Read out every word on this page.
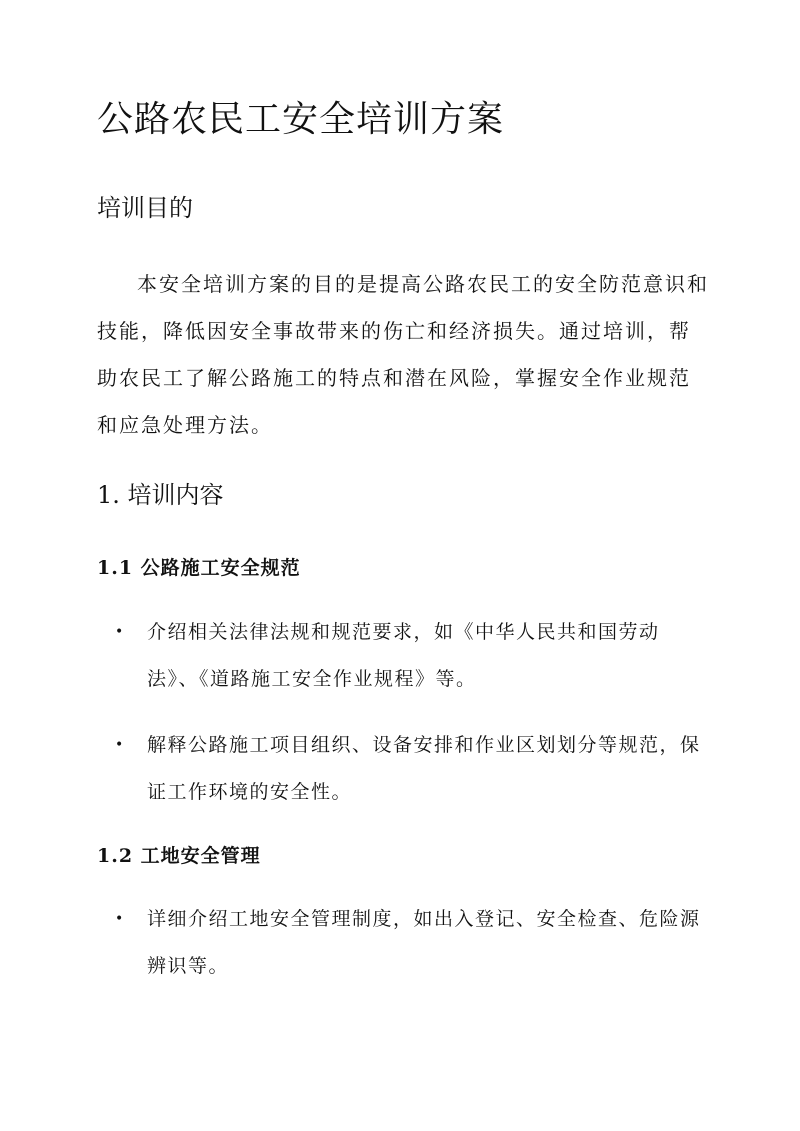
公路农民工安全培训方案
培训目的

本安全培训方案的目的是提高公路农民工的安全防范意识和技能，降低因安全事故带来的伤亡和经济损失。通过培训，帮助农民工了解公路施工的特点和潜在风险，掌握安全作业规范和应急处理方法。

1. 培训内容
1.1 公路施工安全规范
•	介绍相关法律法规和规范要求，如《中华人民共和国劳动法》、《道路施工安全作业规程》等。

•	解释公路施工项目组织、设备安排和作业区划划分等规范，保证工作环境的安全性。

1.2 工地安全管理
•	详细介绍工地安全管理制度，如出入登记、安全检查、危险源辨识等。
